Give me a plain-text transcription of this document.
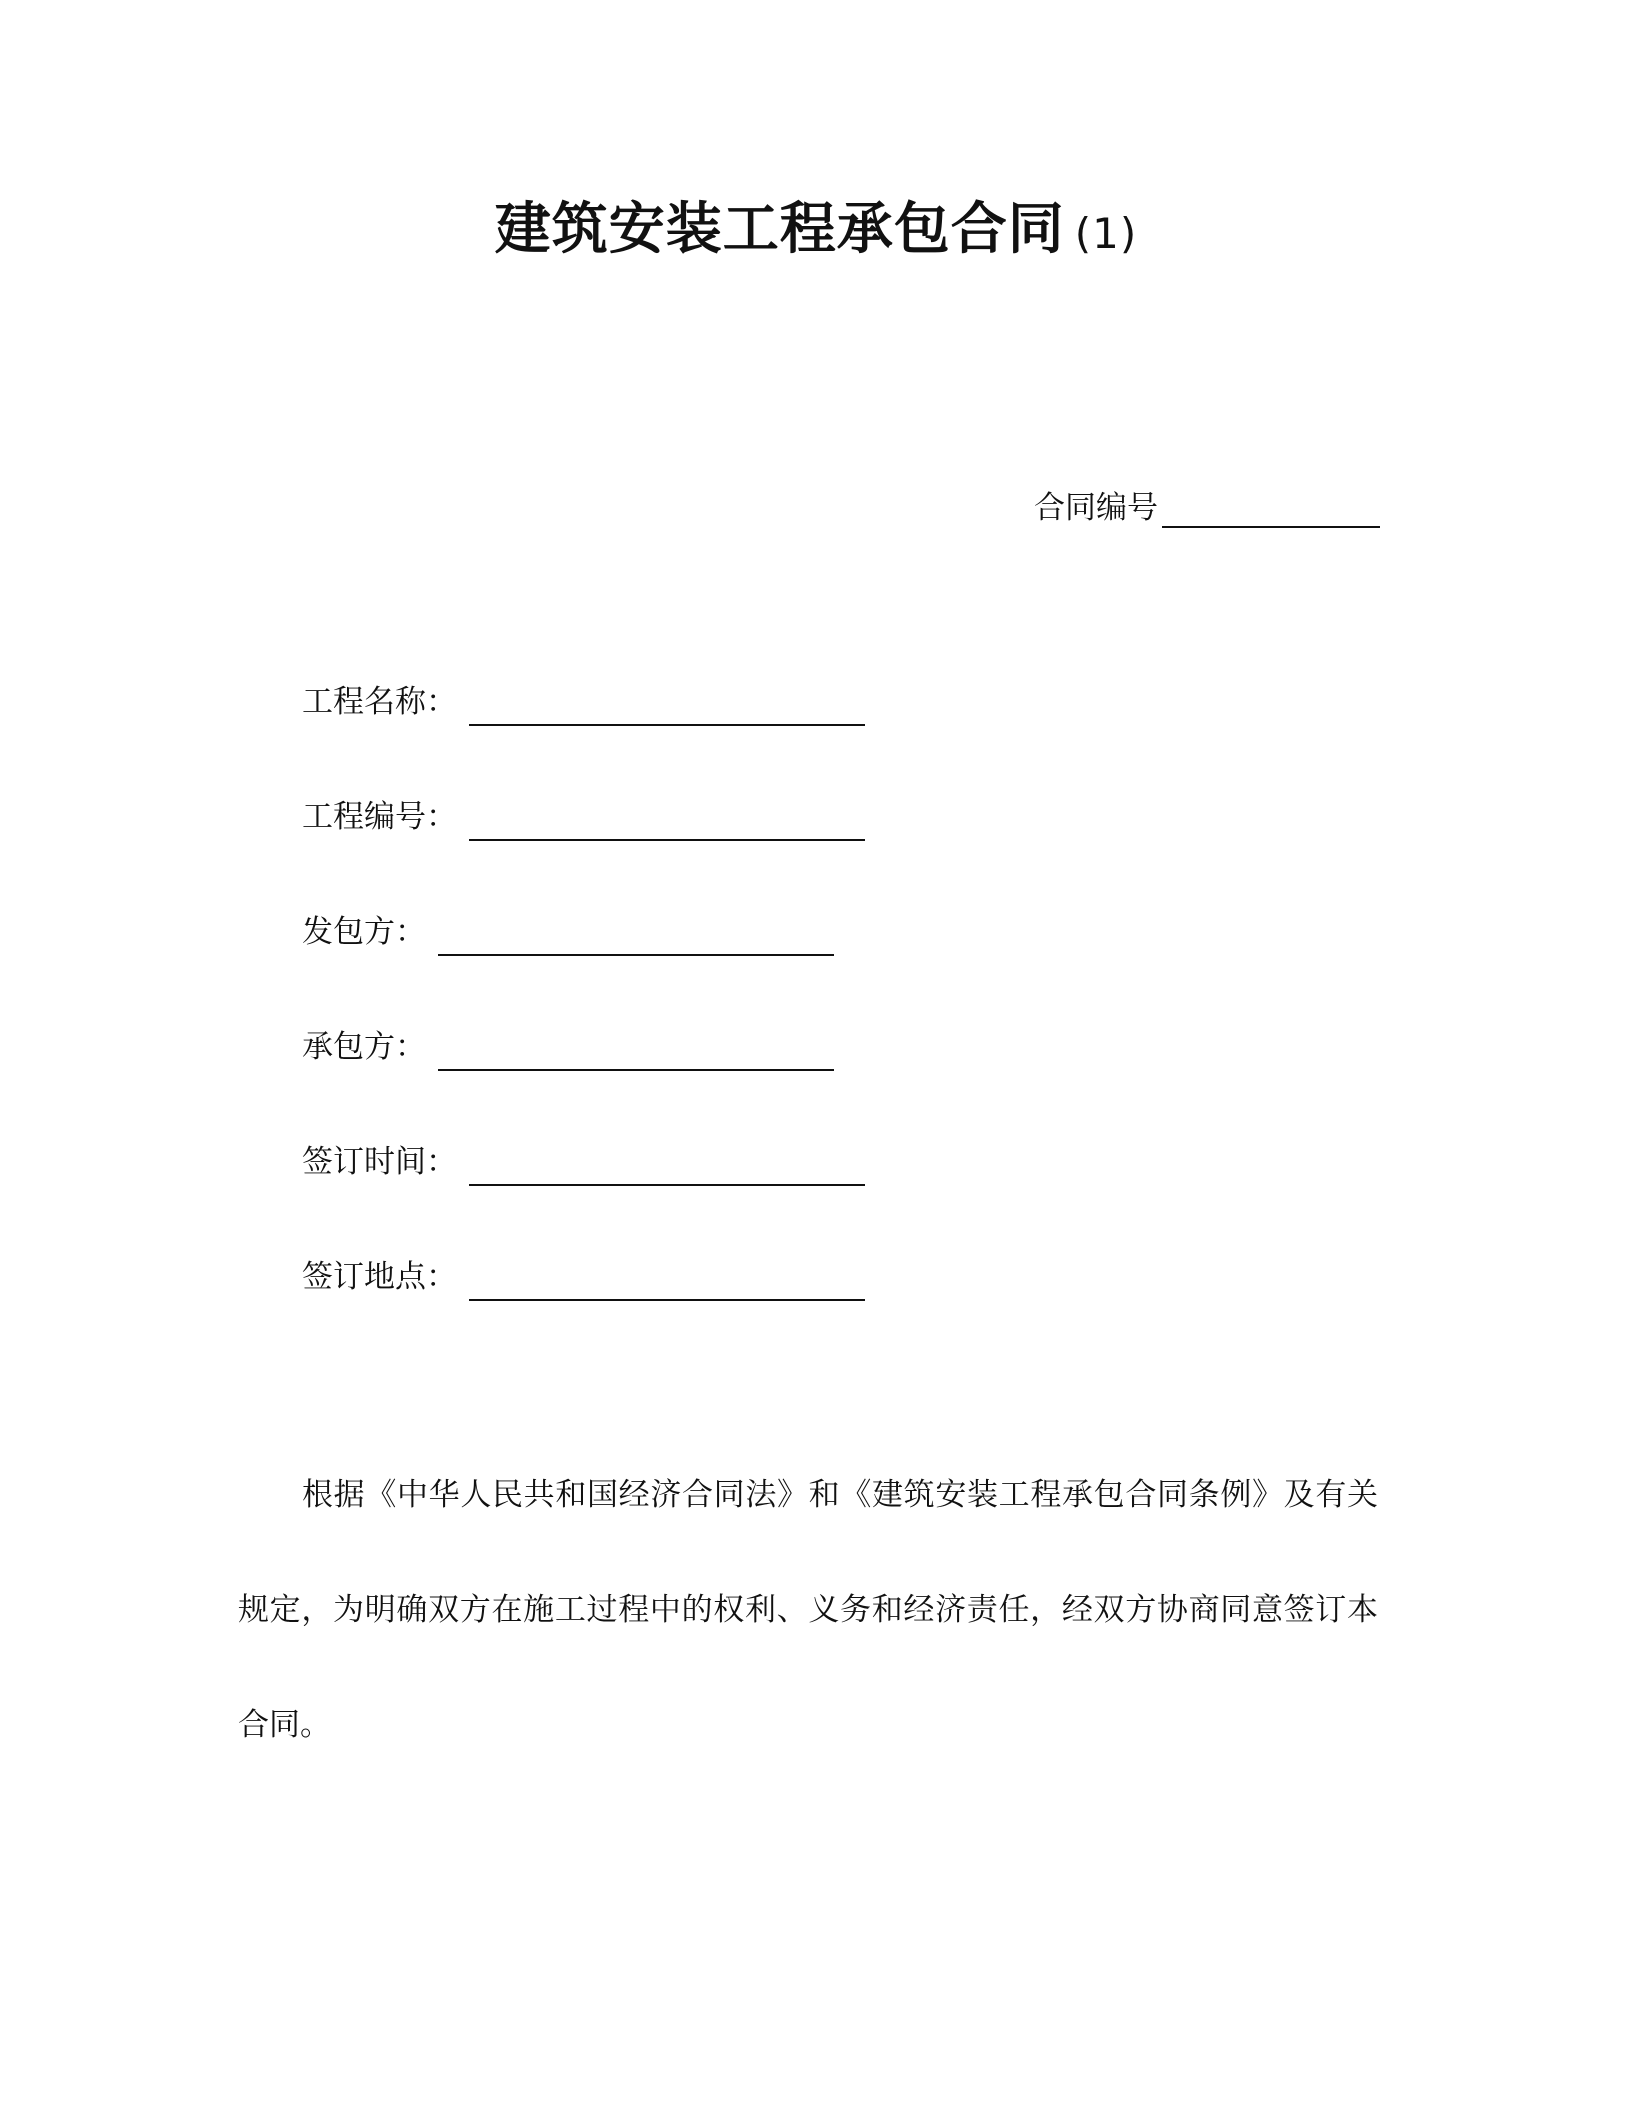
建筑安装工程承包合同 (1)
合同编号
工程名称：
工程编号：
发包方：
承包方：
签订时间：
签订地点：

根据《中华人民共和国经济合同法》和《建筑安装工程承包合同条例》及有关规定，为明确双方在施工过程中的权利、义务和经济责任，经双方协商同意签订本合同。
